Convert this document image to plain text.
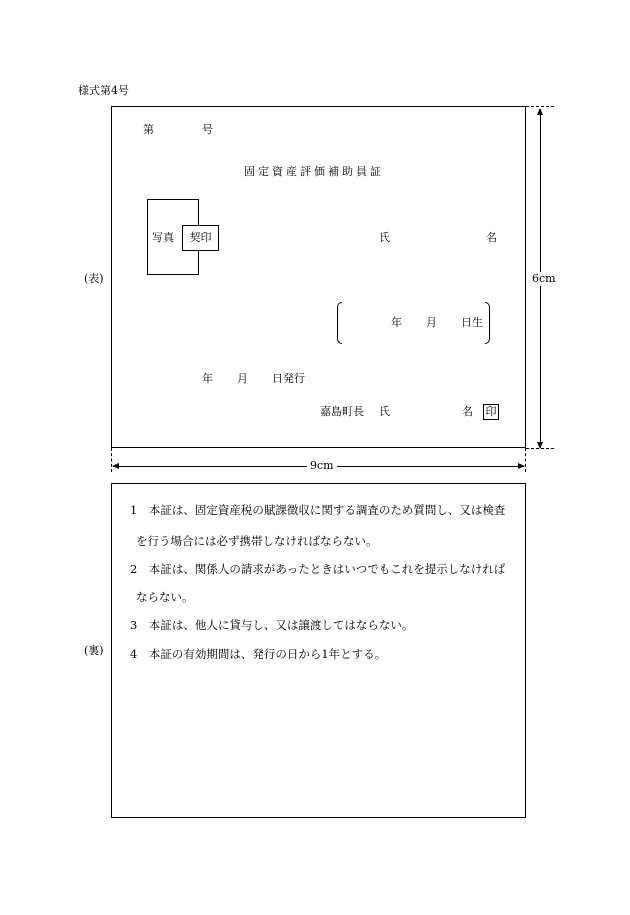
様式第4号
(表)
(裏)
第	号
固定資産評価補助員証
写真	契印	氏	名
年 月 日生
年 月 日発行
嘉島町長 氏	名 印
6cm
9cm
1　本証は、固定資産税の賦課徴収に関する調査のため質問し、又は検査
を行う場合には必ず携帯しなければならない。
2　本証は、関係人の請求があったときはいつでもこれを提示しなければ
ならない。
3　本証は、他人に貸与し、又は譲渡してはならない。
4　本証の有効期間は、発行の日から1年とする。
